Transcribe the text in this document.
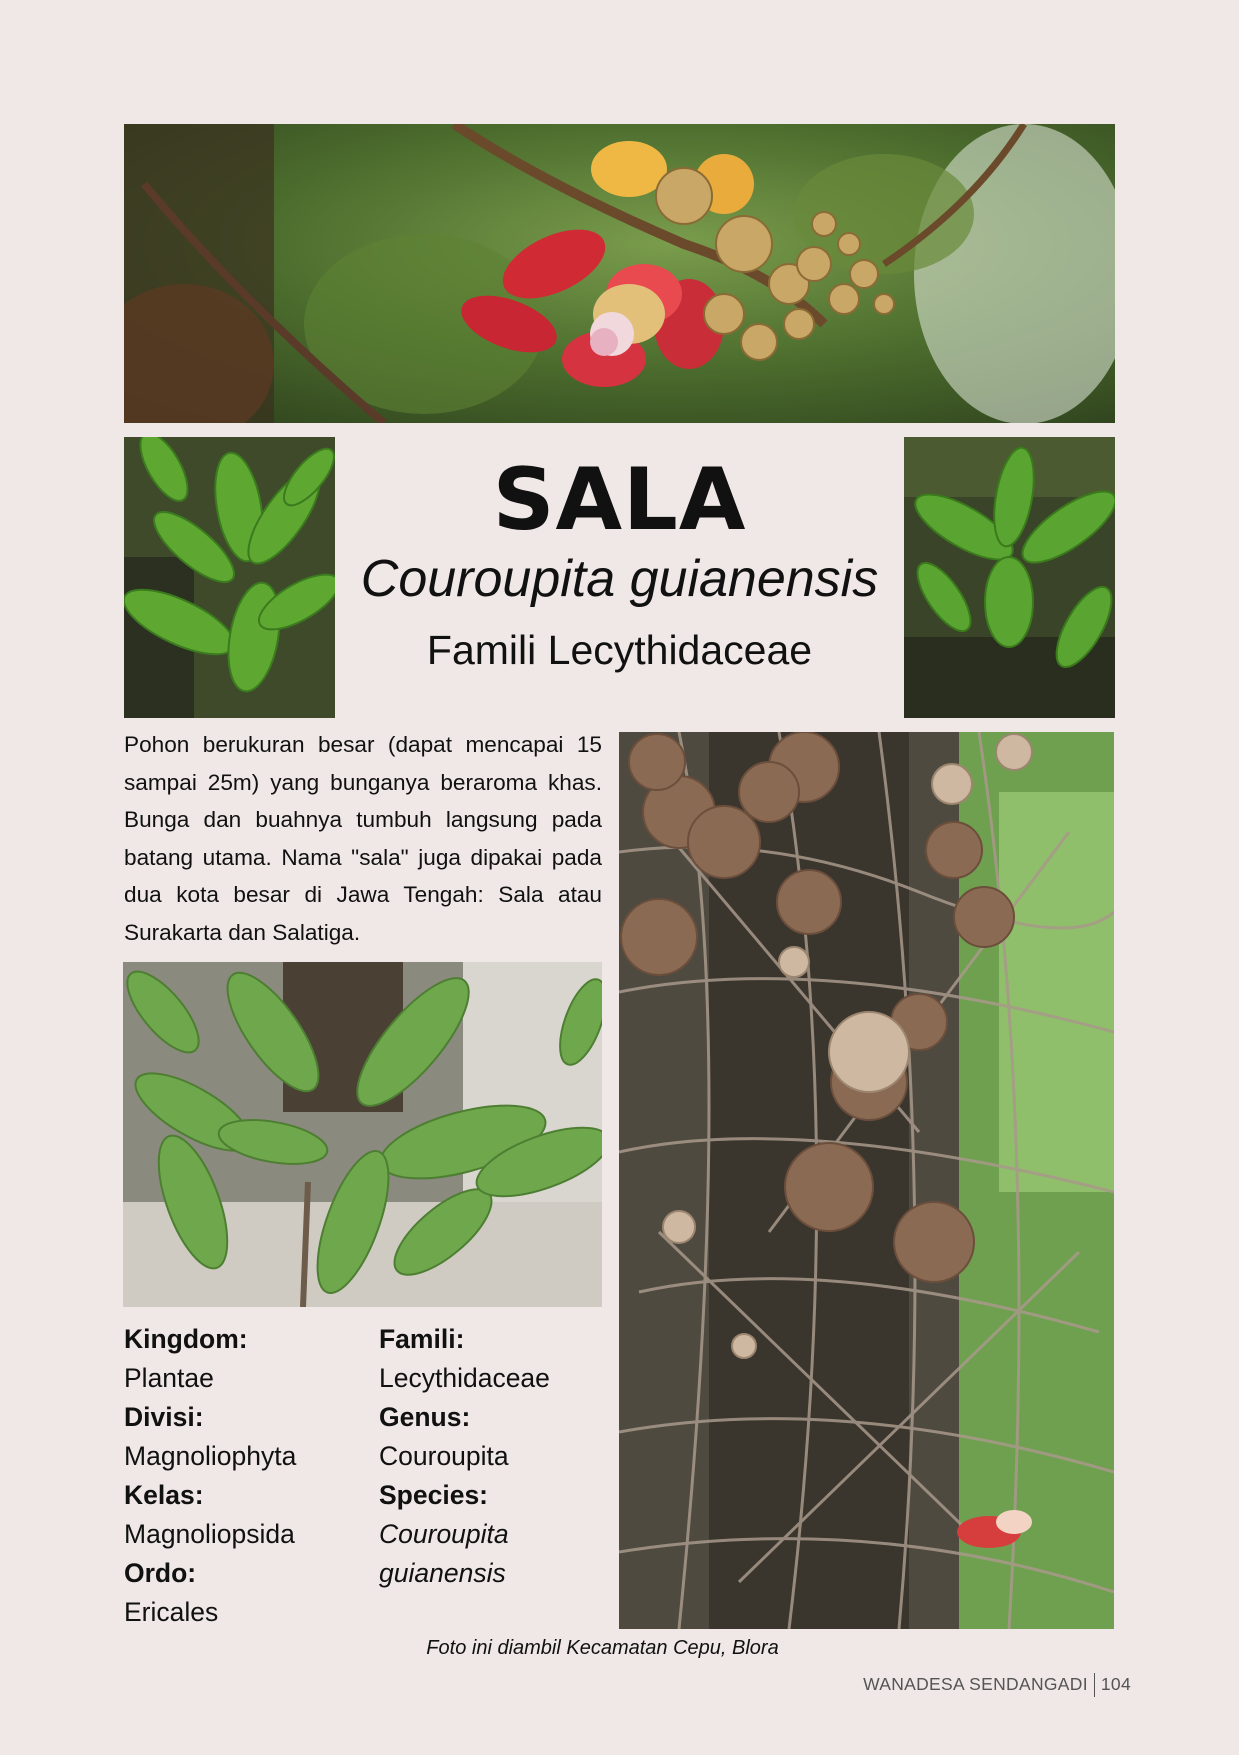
SALA
Couroupita guianensis
Famili Lecythidaceae
Pohon berukuran besar (dapat mencapai 15 sampai 25m) yang bunganya beraroma khas. Bunga dan buahnya tumbuh langsung pada batang utama. Nama "sala" juga dipakai pada dua kota besar di Jawa Tengah: Sala atau Surakarta dan Salatiga.
Kingdom:
Plantae
Divisi:
Magnoliophyta
Kelas:
Magnoliopsida
Ordo:
Ericales
Famili:
Lecythidaceae
Genus:
Couroupita
Species:
Couroupita
guianensis
Foto ini diambil Kecamatan Cepu, Blora
WANADESA SENDANGADI 104
